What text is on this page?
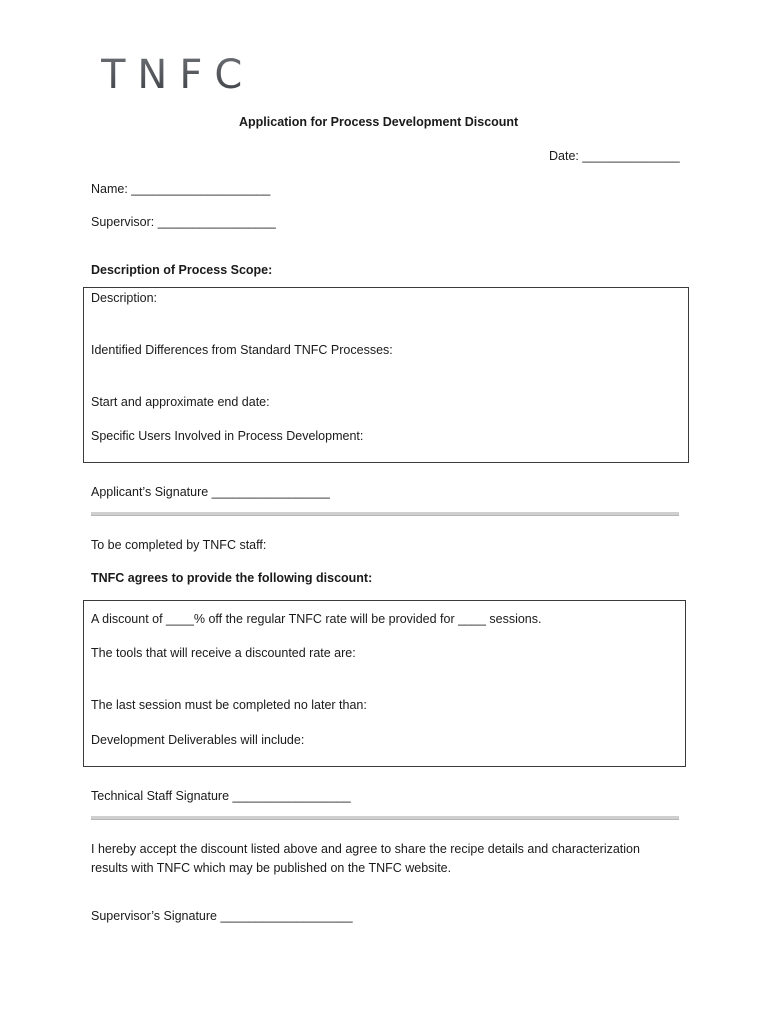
TNFC
Application for Process Development Discount
Date: ______________
Name: ____________________
Supervisor: _________________
Description of Process Scope:
Description:
Identified Differences from Standard TNFC Processes:
Start and approximate end date:
Specific Users Involved in Process Development:
Applicant’s Signature _________________
To be completed by TNFC staff:
TNFC agrees to provide the following discount:
A discount of ____% off the regular TNFC rate will be provided for ____ sessions.
The tools that will receive a discounted rate are:
The last session must be completed no later than:
Development Deliverables will include:
Technical Staff Signature _________________
I hereby accept the discount listed above and agree to share the recipe details and characterization
results with TNFC which may be published on the TNFC website.
Supervisor’s Signature ___________________
